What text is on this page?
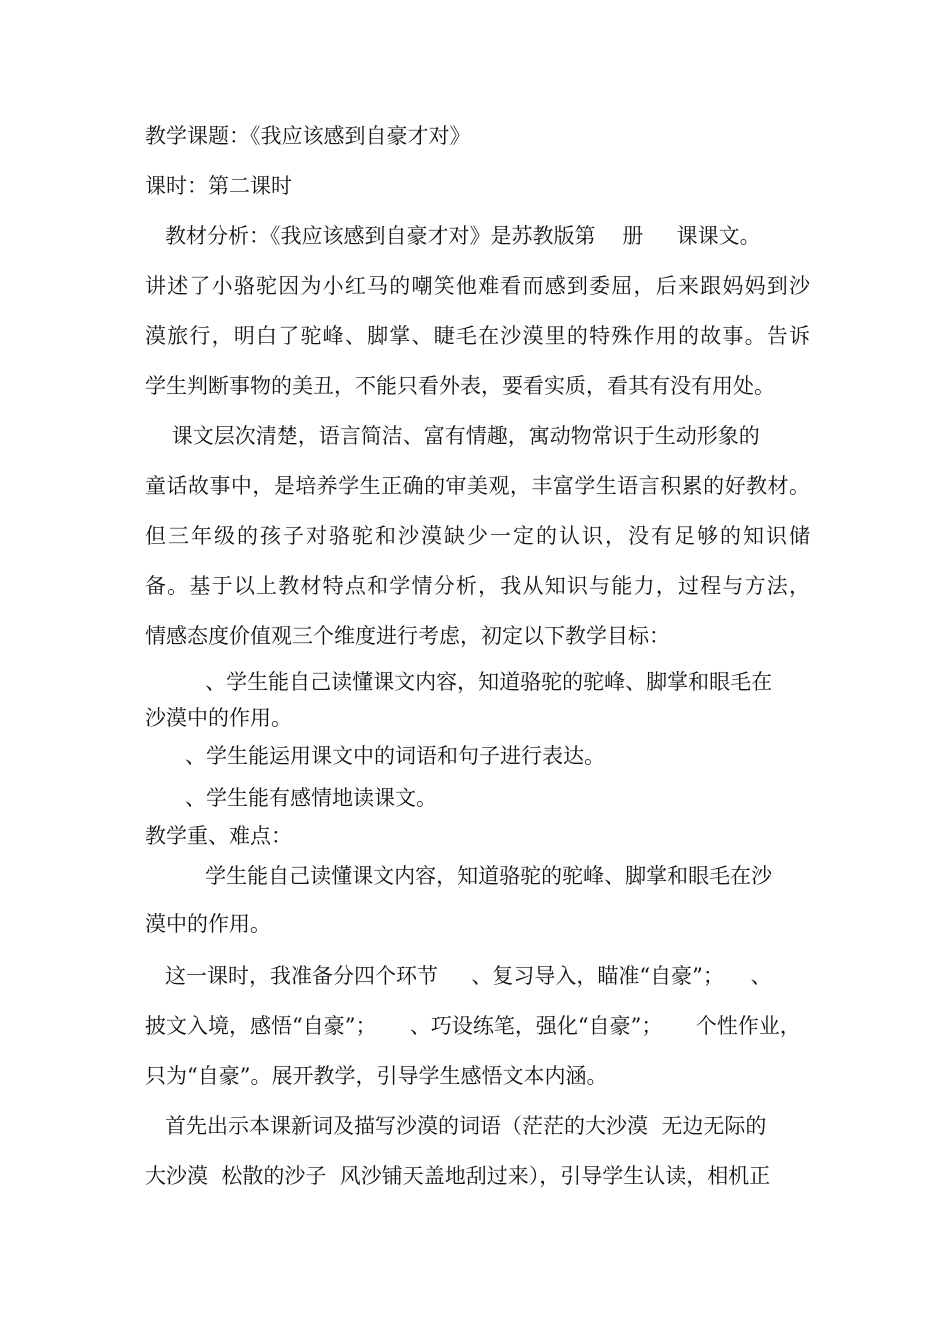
教学课题：《我应该感到自豪才对》
课时：第二课时
教材分析：《我应该感到自豪才对》是苏教版第    册     课课文。
讲述了小骆驼因为小红马的嘲笑他难看而感到委屈，后来跟妈妈到沙
漠旅行，明白了驼峰、脚掌、睫毛在沙漠里的特殊作用的故事。告诉
学生判断事物的美丑，不能只看外表，要看实质，看其有没有用处。
课文层次清楚，语言简洁、富有情趣，寓动物常识于生动形象的
童话故事中，是培养学生正确的审美观，丰富学生语言积累的好教材。
但三年级的孩子对骆驼和沙漠缺少一定的认识，没有足够的知识储
备。基于以上教材特点和学情分析，我从知识与能力，过程与方法，
情感态度价值观三个维度进行考虑，初定以下教学目标：
、学生能自己读懂课文内容，知道骆驼的驼峰、脚掌和眼毛在
沙漠中的作用。
、学生能运用课文中的词语和句子进行表达。
、学生能有感情地读课文。
教学重、难点：
学生能自己读懂课文内容，知道骆驼的驼峰、脚掌和眼毛在沙
漠中的作用。
这一课时，我准备分四个环节     、复习导入，瞄准“自豪”；    、
披文入境，感悟“自豪”；     、巧设练笔，强化“自豪”；     个性作业，
只为“自豪”。展开教学，引导学生感悟文本内涵。
首先出示本课新词及描写沙漠的词语（茫茫的大沙漠  无边无际的
大沙漠  松散的沙子  风沙铺天盖地刮过来），引导学生认读，相机正
